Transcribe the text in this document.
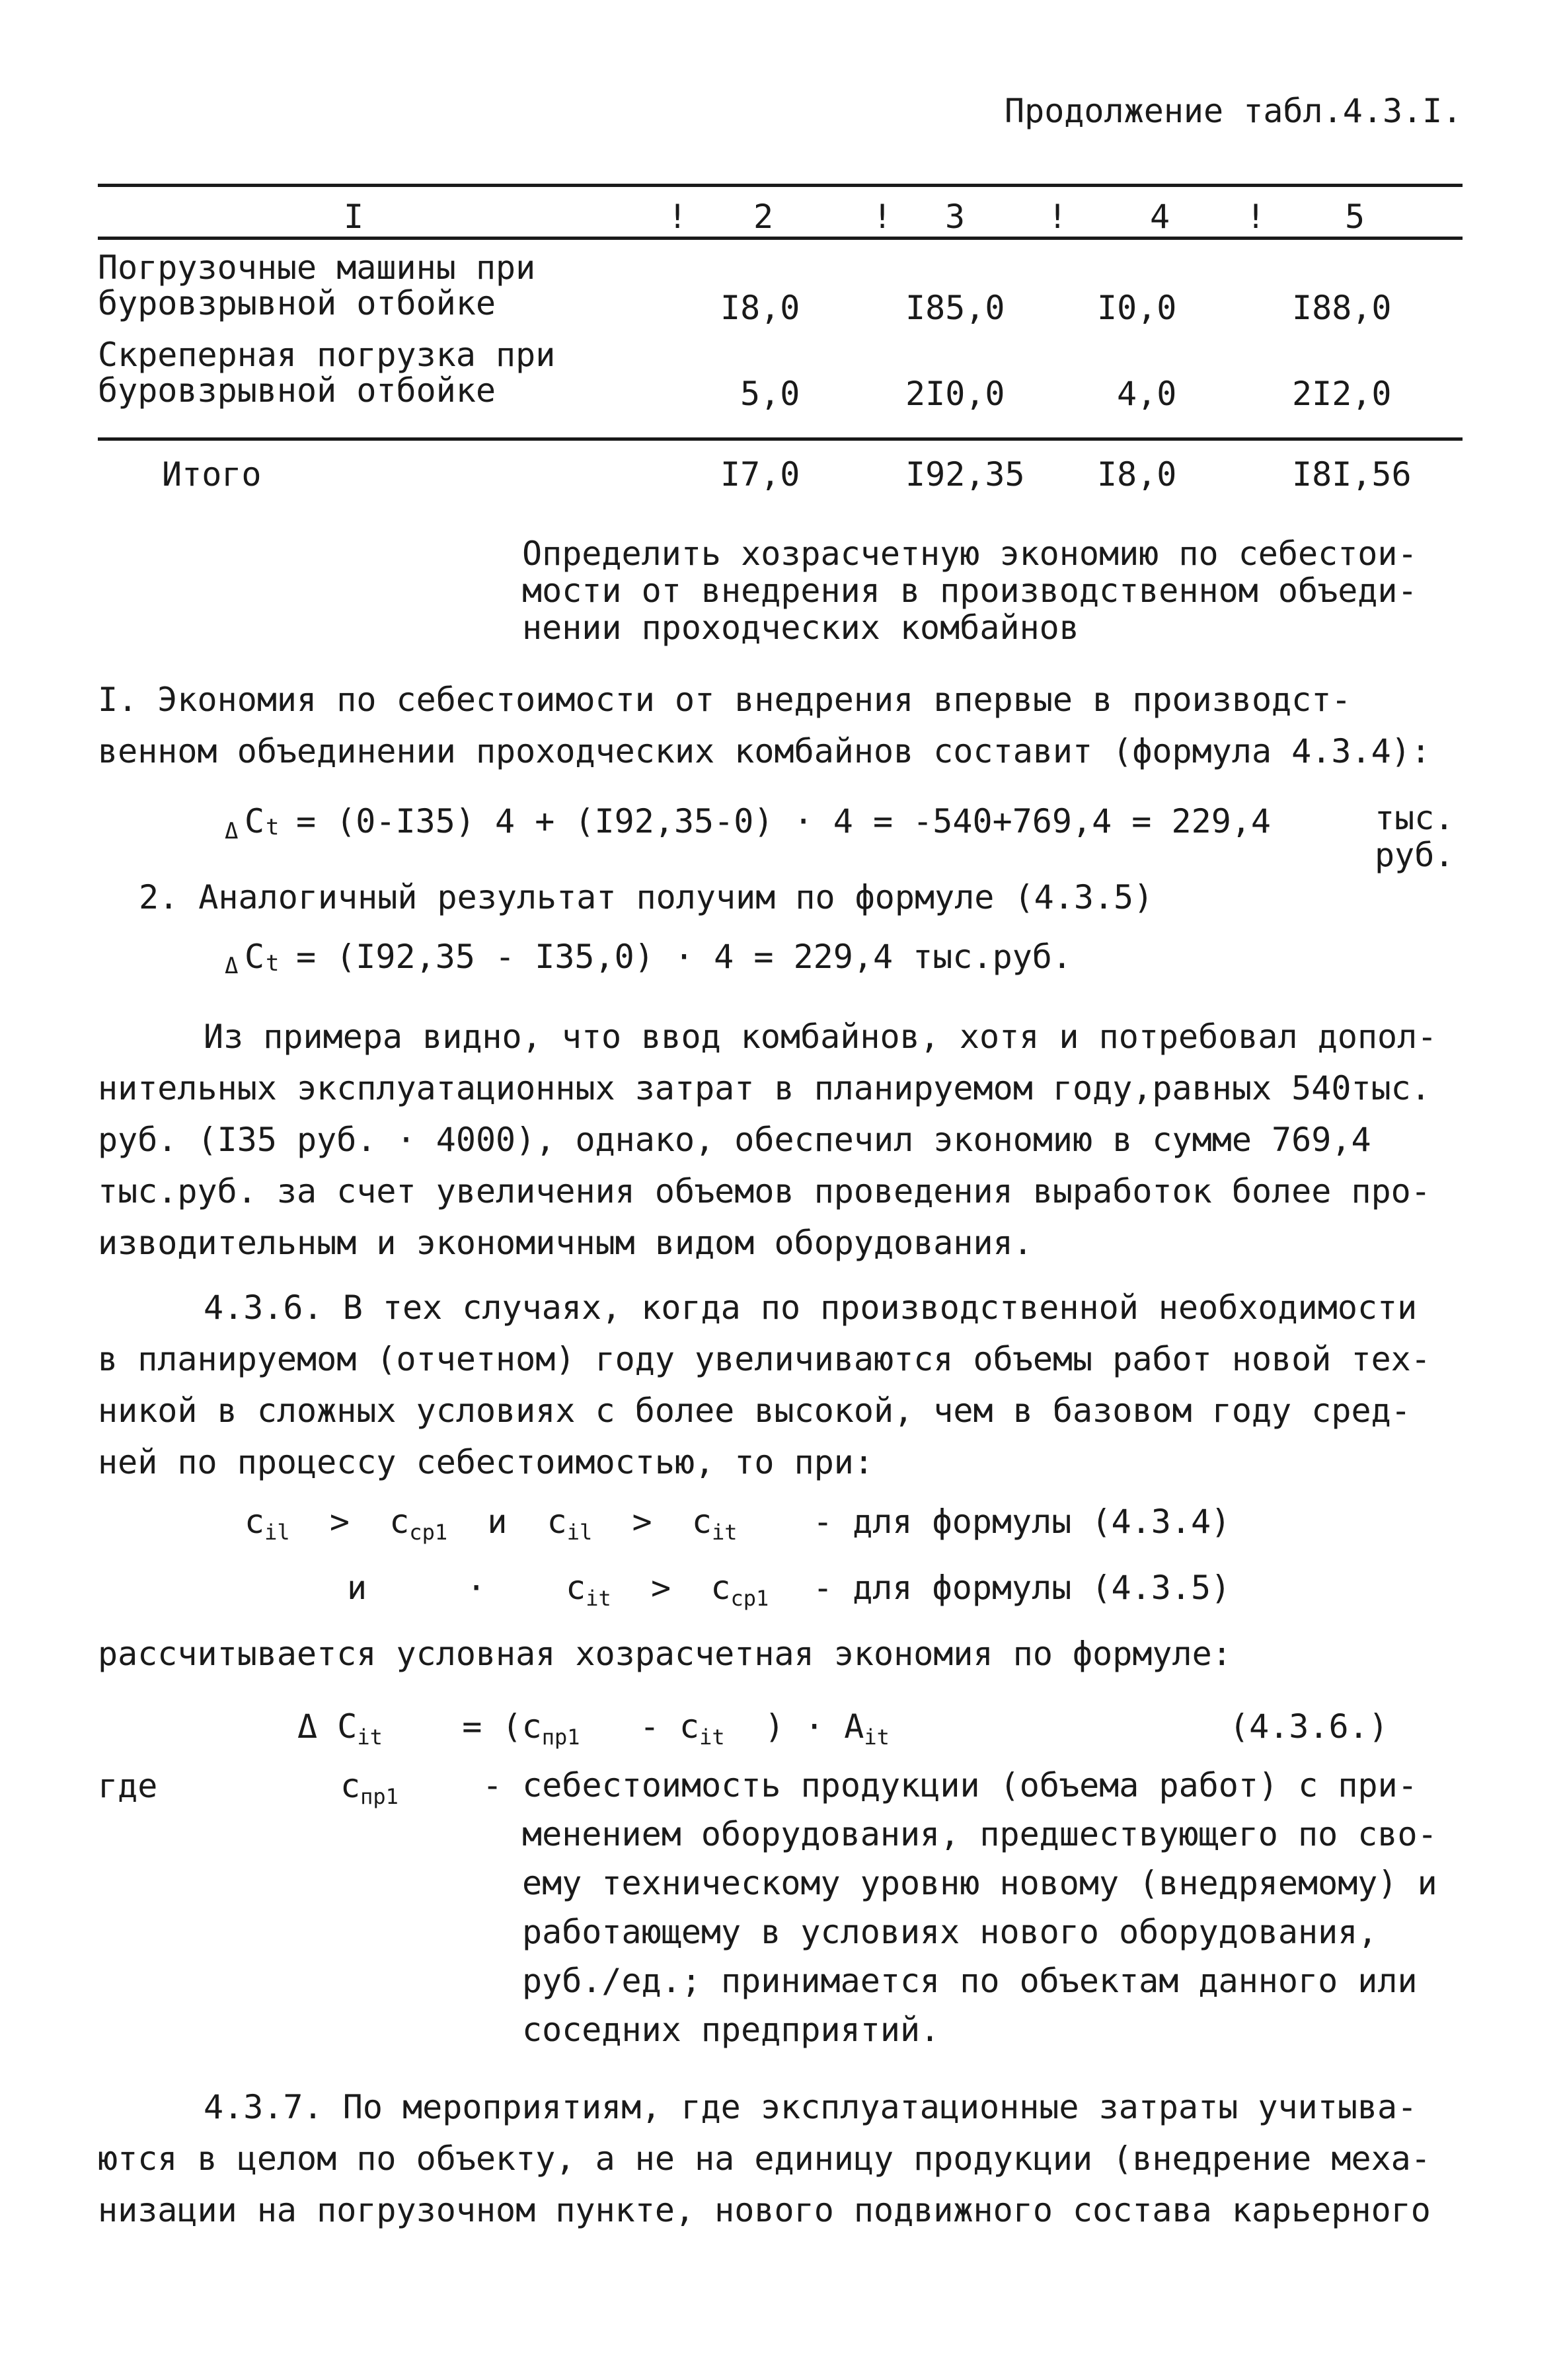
Продолжение табл.4.3.I.
I	! 2	! 3 ! 4 ! 5
Погрузочные машины при
буровзрывной отбойке	I8,0	I85,0	I0,0	I88,0
Скреперная погрузка при
буровзрывной отбойке	5,0	2I0,0	4,0	2I2,0
Итого	I7,0	I92,35 I8,0	I8I,56
Определить хозрасчетную экономию по себестои-
мости от внедрения в производственном объеди-
нении проходческих комбайнов
I. Экономия по себестоимости от внедрения впервые в производст-
венном объединении проходческих комбайнов составит (формула 4.3.4):
Δ C t = (0-I35) 4 + (I92,35-0) · 4 = -540+769,4 = 229,4	тыс.
руб.
2. Аналогичный результат получим по формуле (4.3.5)
Δ C t = (I92,35 - I35,0) · 4 = 229,4 тыс.руб.
Из примера видно, что ввод комбайнов, хотя и потребовал допол-
нительных эксплуатационных затрат в планируемом году,равных 540тыс.
руб. (I35 руб. · 4000), однако, обеспечил экономию в сумме 769,4
тыс.руб. за счет увеличения объемов проведения выработок более про-
изводительным и экономичным видом оборудования.
4.3.6. В тех случаях, когда по производственной необходимости
в планируемом (отчетном) году увеличиваются объемы работ новой тех-
никой в сложных условиях с более высокой, чем в базовом году сред-
ней по процессу себестоимостью, то при:
$c_{il} > c_{cp1}$ и $c_{il} > c_{it}$ - для формулы (4.3.4)
и	· $c_{it} > c_{cp1}$ - для формулы (4.3.5)
рассчитывается условная хозрасчетная экономия по формуле:
Δ $C_{it} = (c_{пр1} - c_{it}$ ) · $A_{it}$	(4.3.6.)
где	$c_{пр1}$	- себестоимость продукции (объема работ) с при-
менением оборудования, предшествующего по сво-
ему техническому уровню новому (внедряемому) и
работающему в условиях нового оборудования,
руб./ед.; принимается по объектам данного или
соседних предприятий.
4.3.7. По мероприятиям, где эксплуатационные затраты учитыва-
ются в целом по объекту, а не на единицу продукции (внедрение меха-
низации на погрузочном пункте, нового подвижного состава карьерного
